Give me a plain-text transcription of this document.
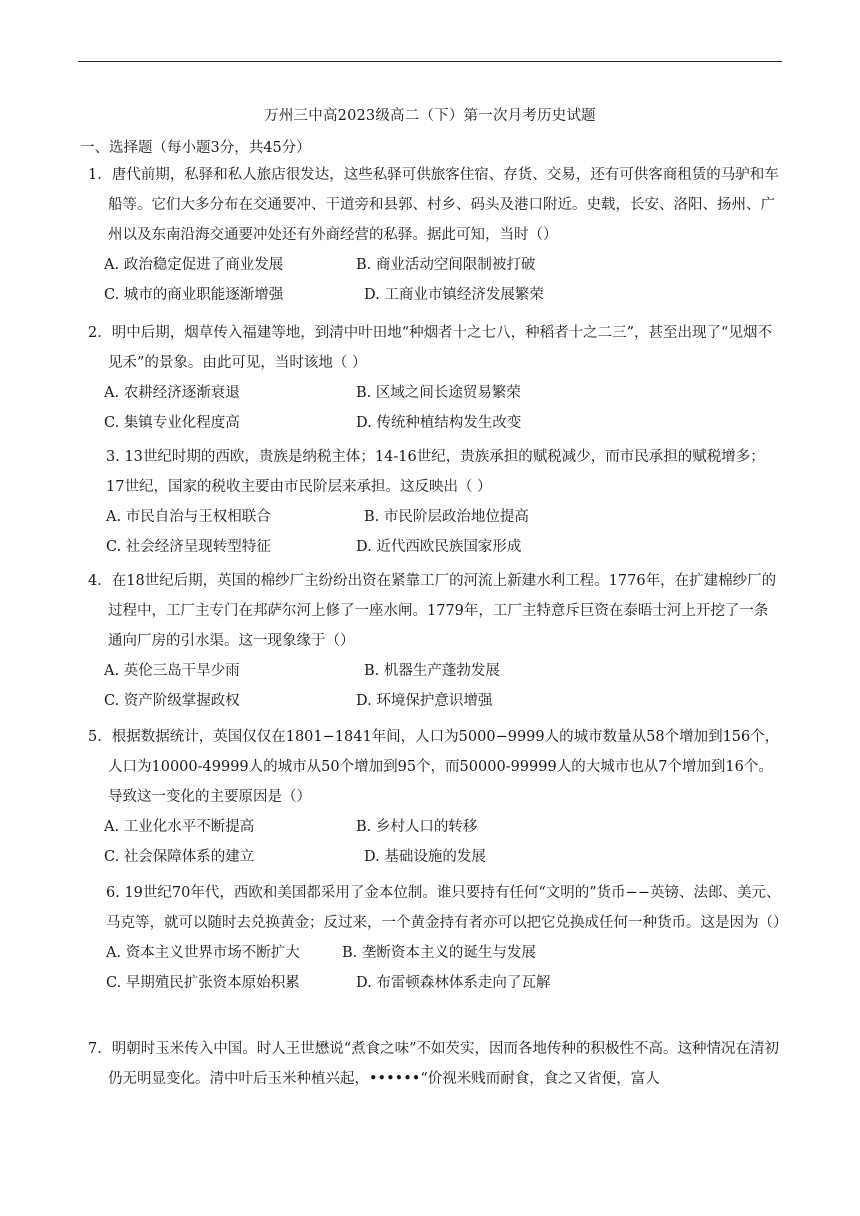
万州三中高2023级高二（下）第一次月考历史试题
一、选择题（每小题3分，共45分）

1．唐代前期，私驿和私人旅店很发达，这些私驿可供旅客住宿、存货、交易，还有可供客商租赁的马驴和车船等。它们大多分布在交通要冲、干道旁和县郭、村乡、码头及港口附近。史载，长安、洛阳、扬州、广州以及东南沿海交通要冲处还有外商经营的私驿。据此可知，当时（）

A. 政治稳定促进了商业发展	B. 商业活动空间限制被打破
C. 城市的商业职能逐渐增强	D. 工商业市镇经济发展繁荣

2．明中后期，烟草传入福建等地，到清中叶田地“种烟者十之七八，种稻者十之二三”，甚至出现了“见烟不见禾”的景象。由此可见，当时该地（ ）

A. 农耕经济逐渐衰退	B. 区域之间长途贸易繁荣
C. 集镇专业化程度高	D. 传统种植结构发生改变

3. 13世纪时期的西欧，贵族是纳税主体；14-16世纪，贵族承担的赋税减少，而市民承担的赋税增多；17世纪，国家的税收主要由市民阶层来承担。这反映出（ ）

A. 市民自治与王权相联合	B. 市民阶层政治地位提高
C. 社会经济呈现转型特征	D. 近代西欧民族国家形成

4．在18世纪后期，英国的棉纱厂主纷纷出资在紧靠工厂的河流上新建水利工程。1776年，在扩建棉纱厂的过程中，工厂主专门在邦萨尔河上修了一座水闸。1779年，工厂主特意斥巨资在泰晤士河上开挖了一条通向厂房的引水渠。这一现象缘于（）

A. 英伦三岛干旱少雨	B. 机器生产蓬勃发展
C. 资产阶级掌握政权	D. 环境保护意识增强

5．根据数据统计，英国仅仅在1801−1841年间，人口为5000−9999人的城市数量从58个增加到156个，人口为10000-49999人的城市从50个增加到95个，而50000-99999人的大城市也从7个增加到16个。导致这一变化的主要原因是（）

A. 工业化水平不断提高	B. 乡村人口的转移
C. 社会保障体系的建立	D. 基础设施的发展

6. 19世纪70年代，西欧和美国都采用了金本位制。谁只要持有任何“文明的”货币−−英镑、法郎、美元、马克等，就可以随时去兑换黄金；反过来，一个黄金持有者亦可以把它兑换成任何一种货币。这是因为（）

A. 资本主义世界市场不断扩大	B. 垄断资本主义的诞生与发展
C. 早期殖民扩张资本原始积累	D. 布雷顿森林体系走向了瓦解

7．明朝时玉米传入中国。时人王世懋说“煮食之味”不如芡实，因而各地传种的积极性不高。这种情况在清初仍无明显变化。清中叶后玉米种植兴起，••••••“价视米贱而耐食，食之又省便，富人
